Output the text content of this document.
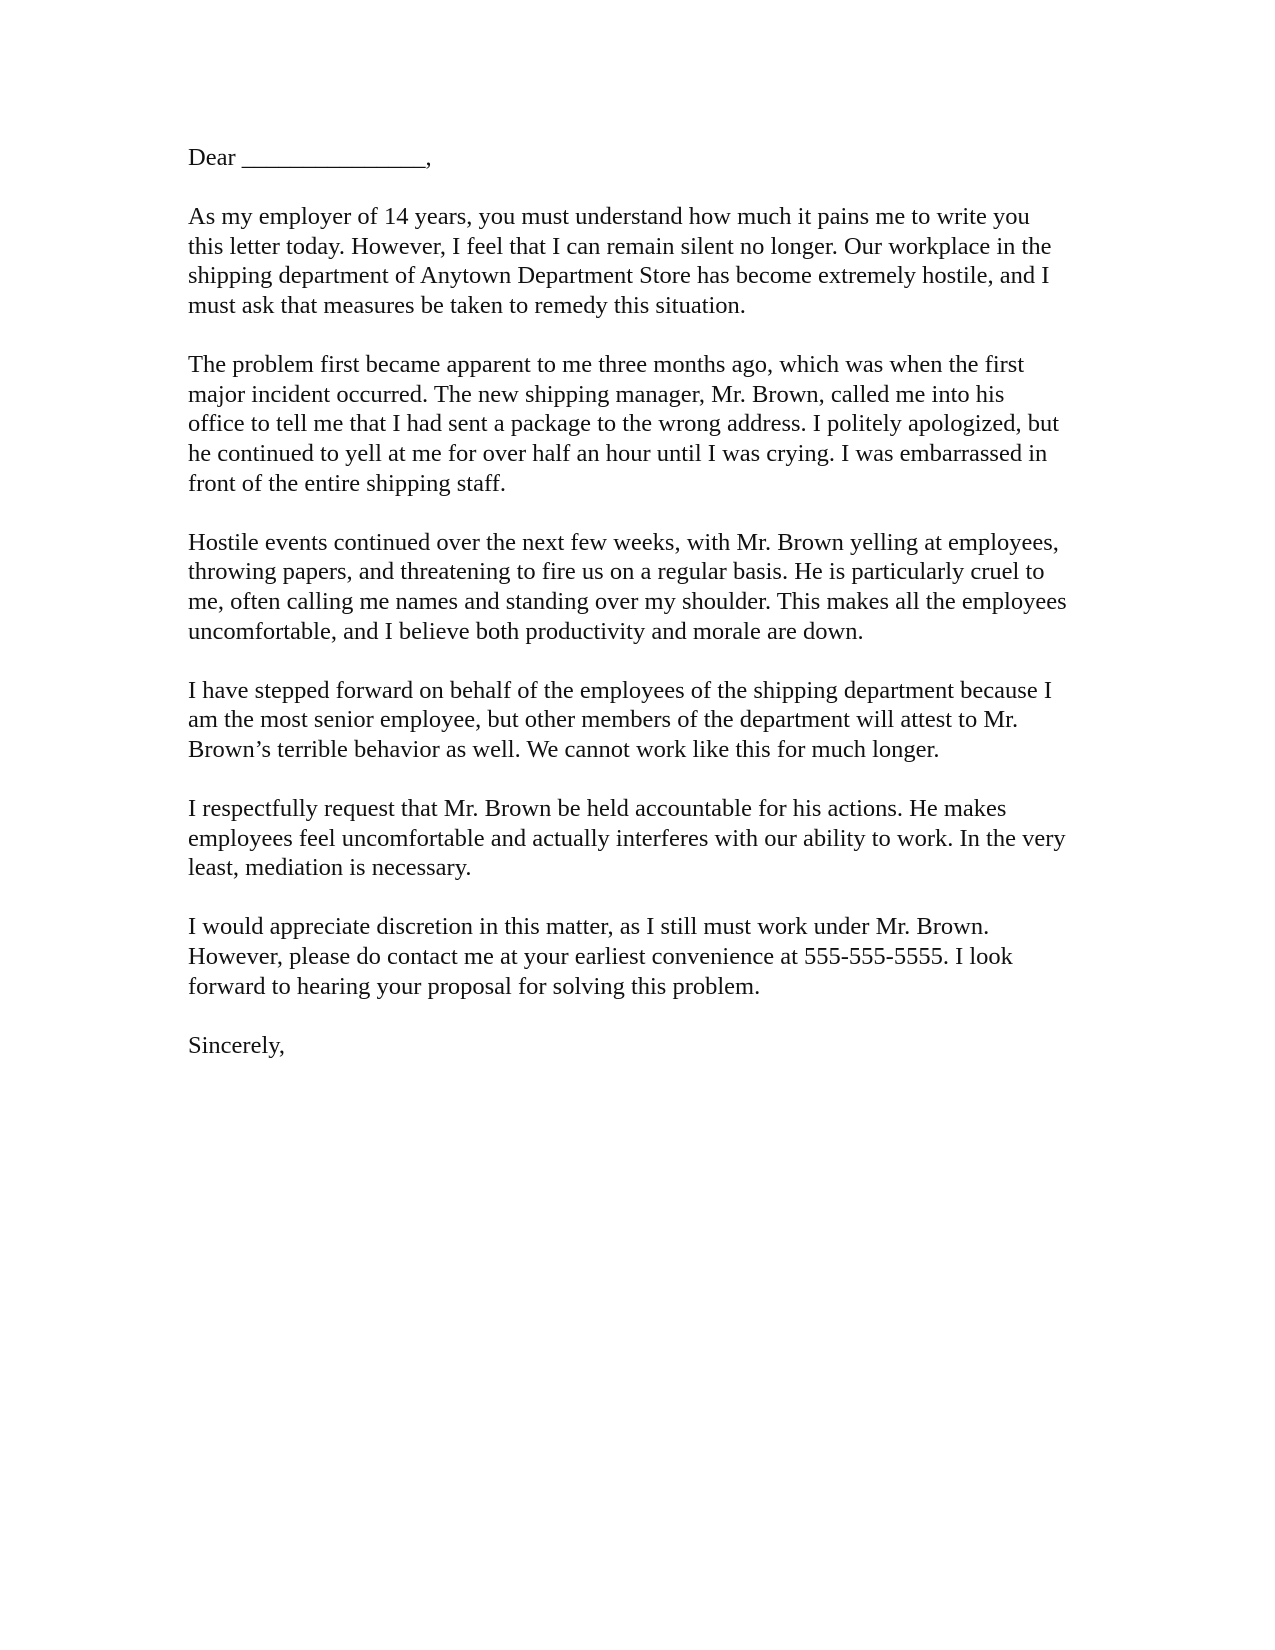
Dear _______________,

As my employer of 14 years, you must understand how much it pains me to write you
this letter today. However, I feel that I can remain silent no longer. Our workplace in the
shipping department of Anytown Department Store has become extremely hostile, and I
must ask that measures be taken to remedy this situation.

The problem first became apparent to me three months ago, which was when the first
major incident occurred. The new shipping manager, Mr. Brown, called me into his
office to tell me that I had sent a package to the wrong address. I politely apologized, but
he continued to yell at me for over half an hour until I was crying. I was embarrassed in
front of the entire shipping staff.

Hostile events continued over the next few weeks, with Mr. Brown yelling at employees,
throwing papers, and threatening to fire us on a regular basis. He is particularly cruel to
me, often calling me names and standing over my shoulder. This makes all the employees
uncomfortable, and I believe both productivity and morale are down.

I have stepped forward on behalf of the employees of the shipping department because I
am the most senior employee, but other members of the department will attest to Mr.
Brown’s terrible behavior as well. We cannot work like this for much longer.

I respectfully request that Mr. Brown be held accountable for his actions. He makes
employees feel uncomfortable and actually interferes with our ability to work. In the very
least, mediation is necessary.

I would appreciate discretion in this matter, as I still must work under Mr. Brown.
However, please do contact me at your earliest convenience at 555-555-5555. I look
forward to hearing your proposal for solving this problem.

Sincerely,
